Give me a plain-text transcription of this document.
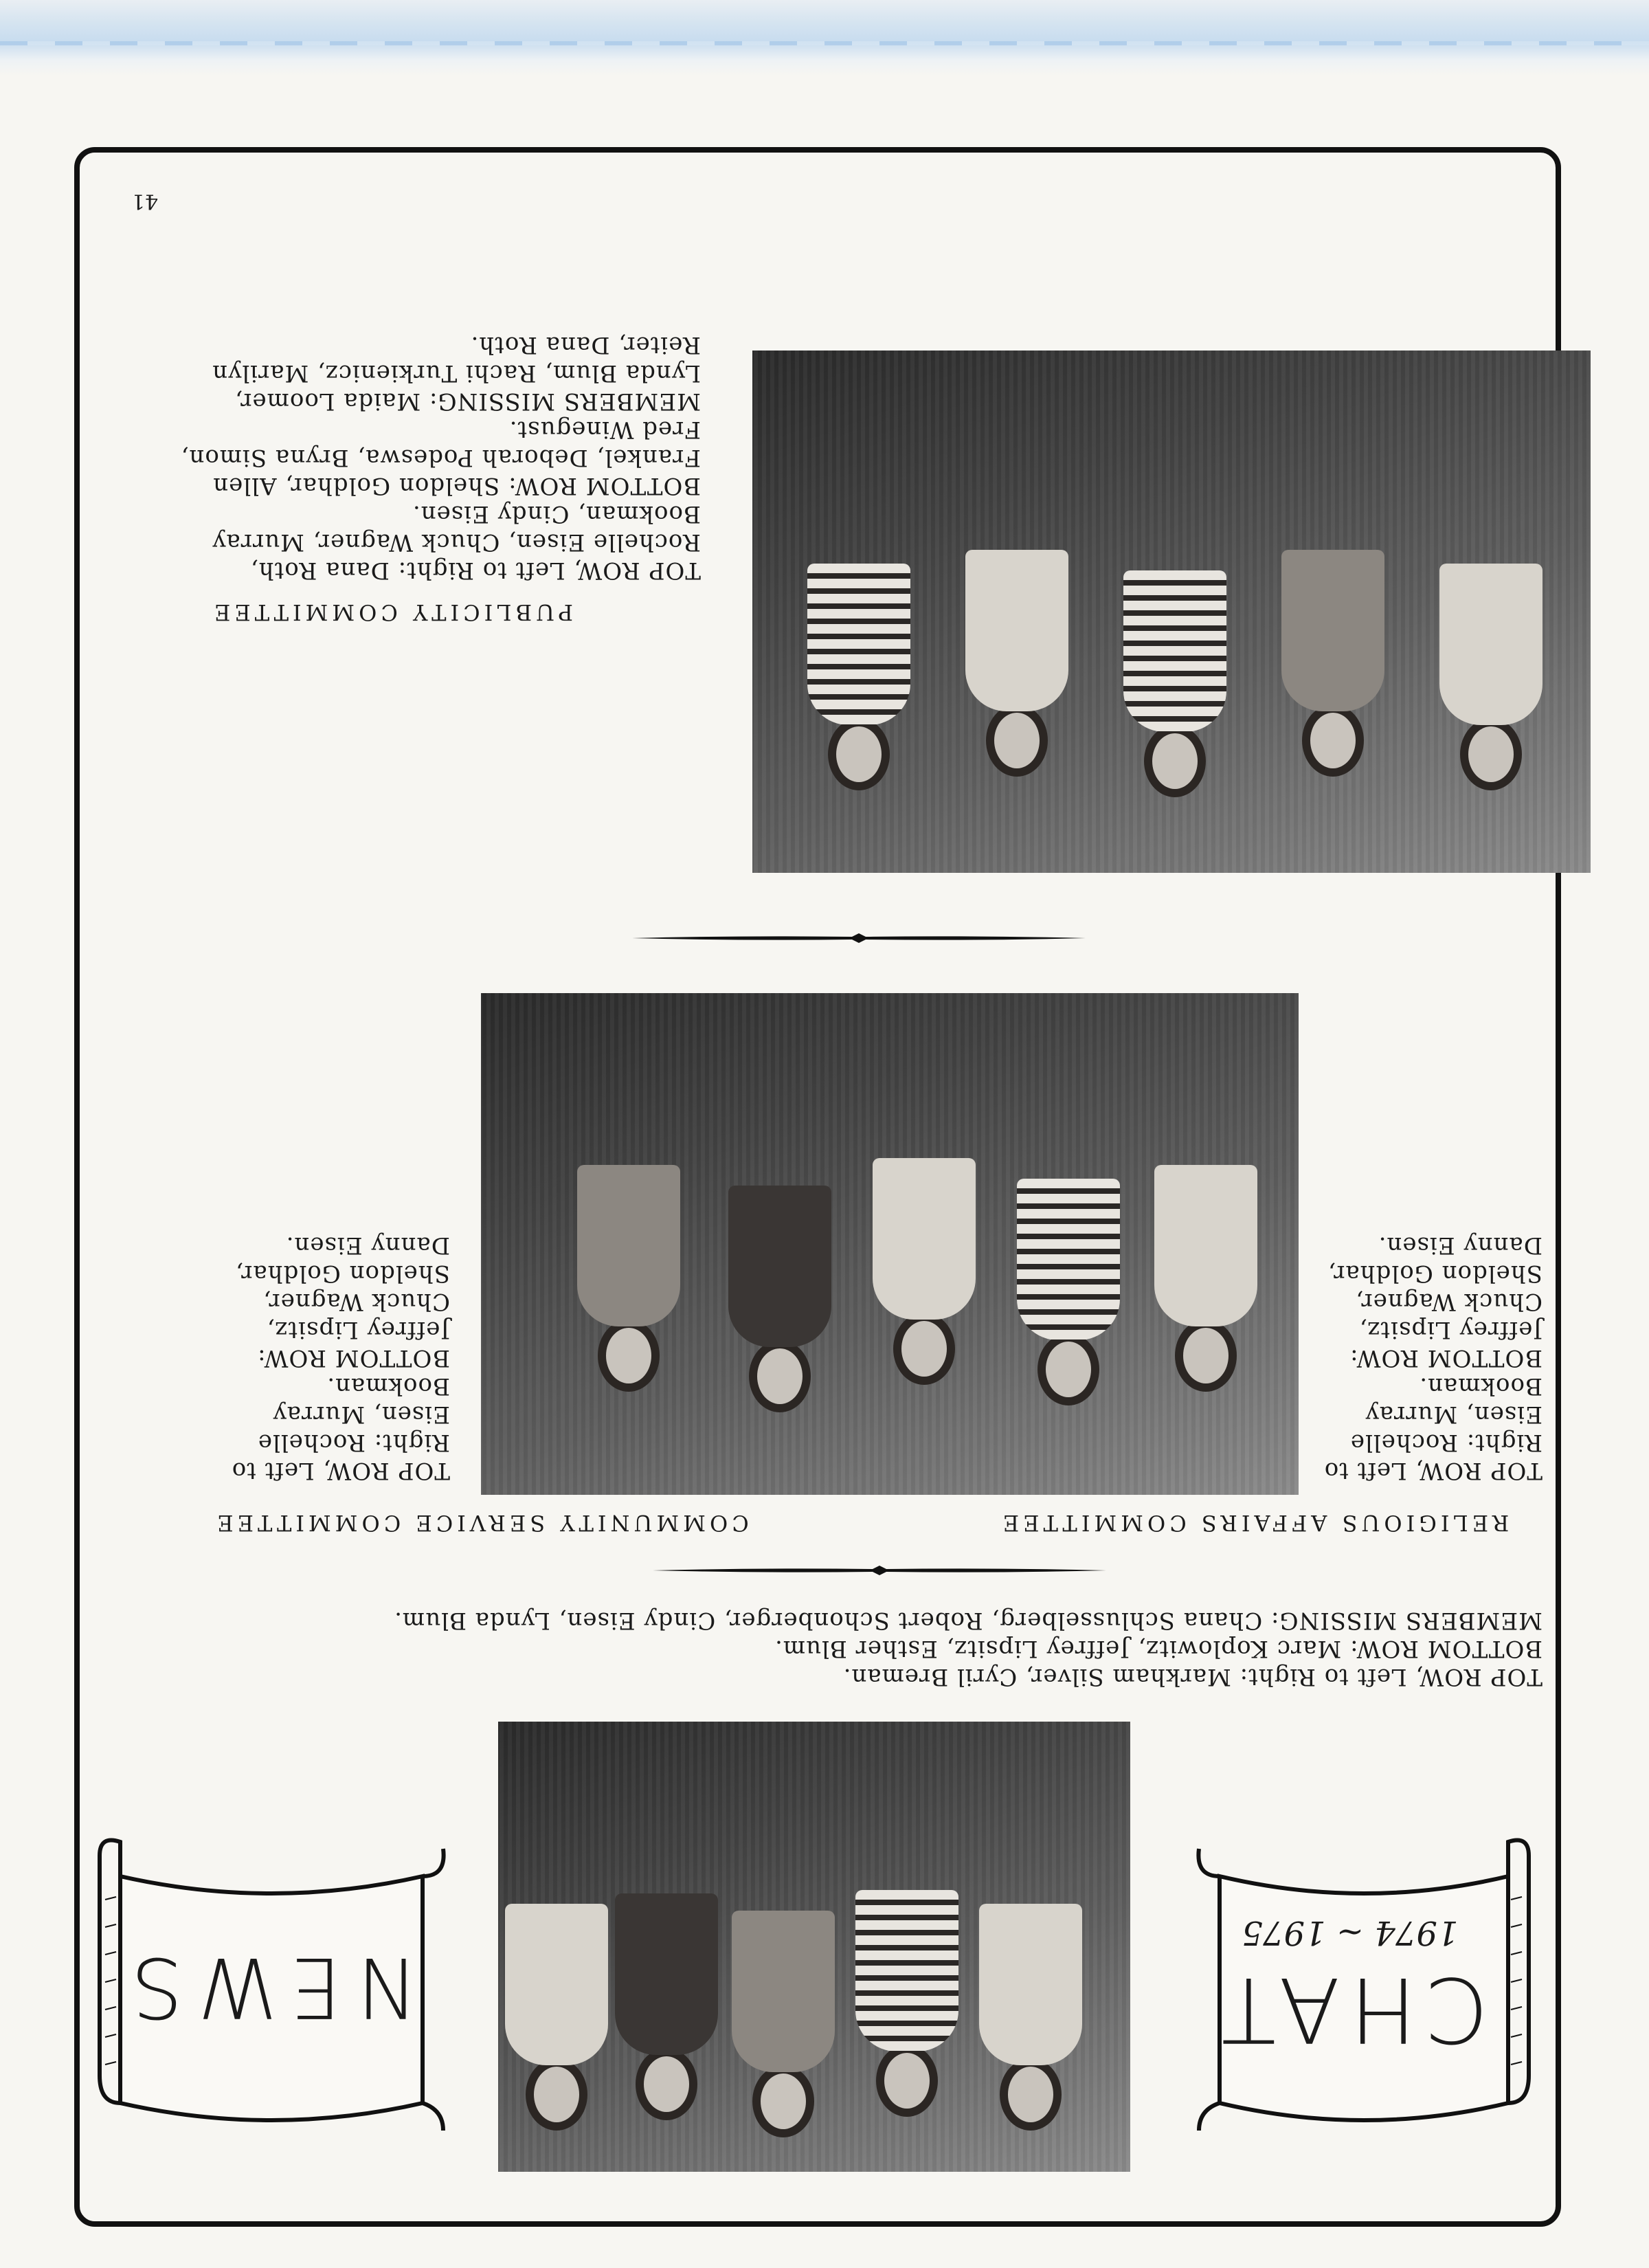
CHAT
1974 ~ 1975
NEWS
TOP ROW, Left to Right: Markham Silver, Cyril Breman.
BOTTOM ROW: Marc Koplowitz, Jeffrey Lipsitz, Esther Blum.
MEMBERS MISSING: Chana Schlusselberg, Robert Schonberger, Cindy Eisen, Lynda Blum.
RELIGIOUS AFFAIRS COMMITTEE
COMMUNITY SERVICE COMMITTEE
TOP ROW, Left to
Right: Rochelle
Eisen, Murray
Bookman.
BOTTOM ROW:
Jeffrey Lipsitz,
Chuck Wagner,
Sheldon Goldhar,
Danny Eisen.
TOP ROW, Left to
Right: Rochelle
Eisen, Murray
Bookman.
BOTTOM ROW:
Jeffrey Lipsitz,
Chuck Wagner,
Sheldon Goldhar,
Danny Eisen.
PUBLICITY COMMITTEE
TOP ROW, Left to Right: Dana Roth,
Rochelle Eisen, Chuck Wagner, Murray
Bookman, Cindy Eisen.
BOTTOM ROW: Sheldon Goldhar, Allen
Frankel, Deborah Podeswa, Bryna Simon,
Fred Winegust.
MEMBERS MISSING: Maida Loomer,
Lynda Blum, Rachi Turkienicz, Marilyn
Reiter, Dana Roth.
41
